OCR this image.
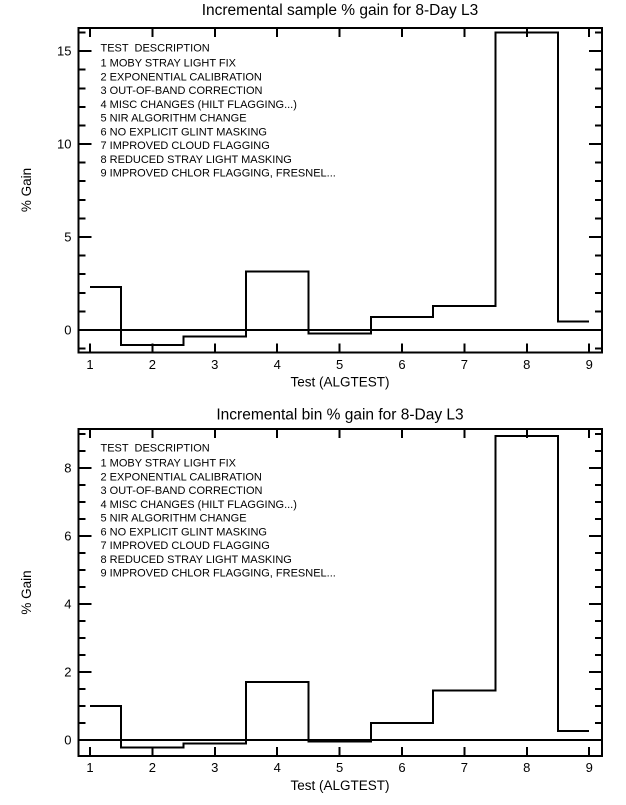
1	2	3	4	5	6	7	8	9
0
5
10
15	TEST  DESCRIPTION
1 MOBY STRAY LIGHT FIX
2 EXPONENTIAL CALIBRATION
3 OUT-OF-BAND CORRECTION
4 MISC CHANGES (HILT FLAGGING...)
5 NIR ALGORITHM CHANGE
6 NO EXPLICIT GLINT MASKING
7 IMPROVED CLOUD FLAGGING
8 REDUCED STRAY LIGHT MASKING
9 IMPROVED CHLOR FLAGGING, FRESNEL...
Incremental sample % gain for 8-Day L3
Test (ALGTEST)
% Gain
1	2	3	4	5	6	7	8	9
0
2
4
6
8
TEST  DESCRIPTION
1 MOBY STRAY LIGHT FIX
2 EXPONENTIAL CALIBRATION
3 OUT-OF-BAND CORRECTION
4 MISC CHANGES (HILT FLAGGING...)
5 NIR ALGORITHM CHANGE
6 NO EXPLICIT GLINT MASKING
7 IMPROVED CLOUD FLAGGING
8 REDUCED STRAY LIGHT MASKING
9 IMPROVED CHLOR FLAGGING, FRESNEL...
Incremental bin % gain for 8-Day L3
Test (ALGTEST)
% Gain
